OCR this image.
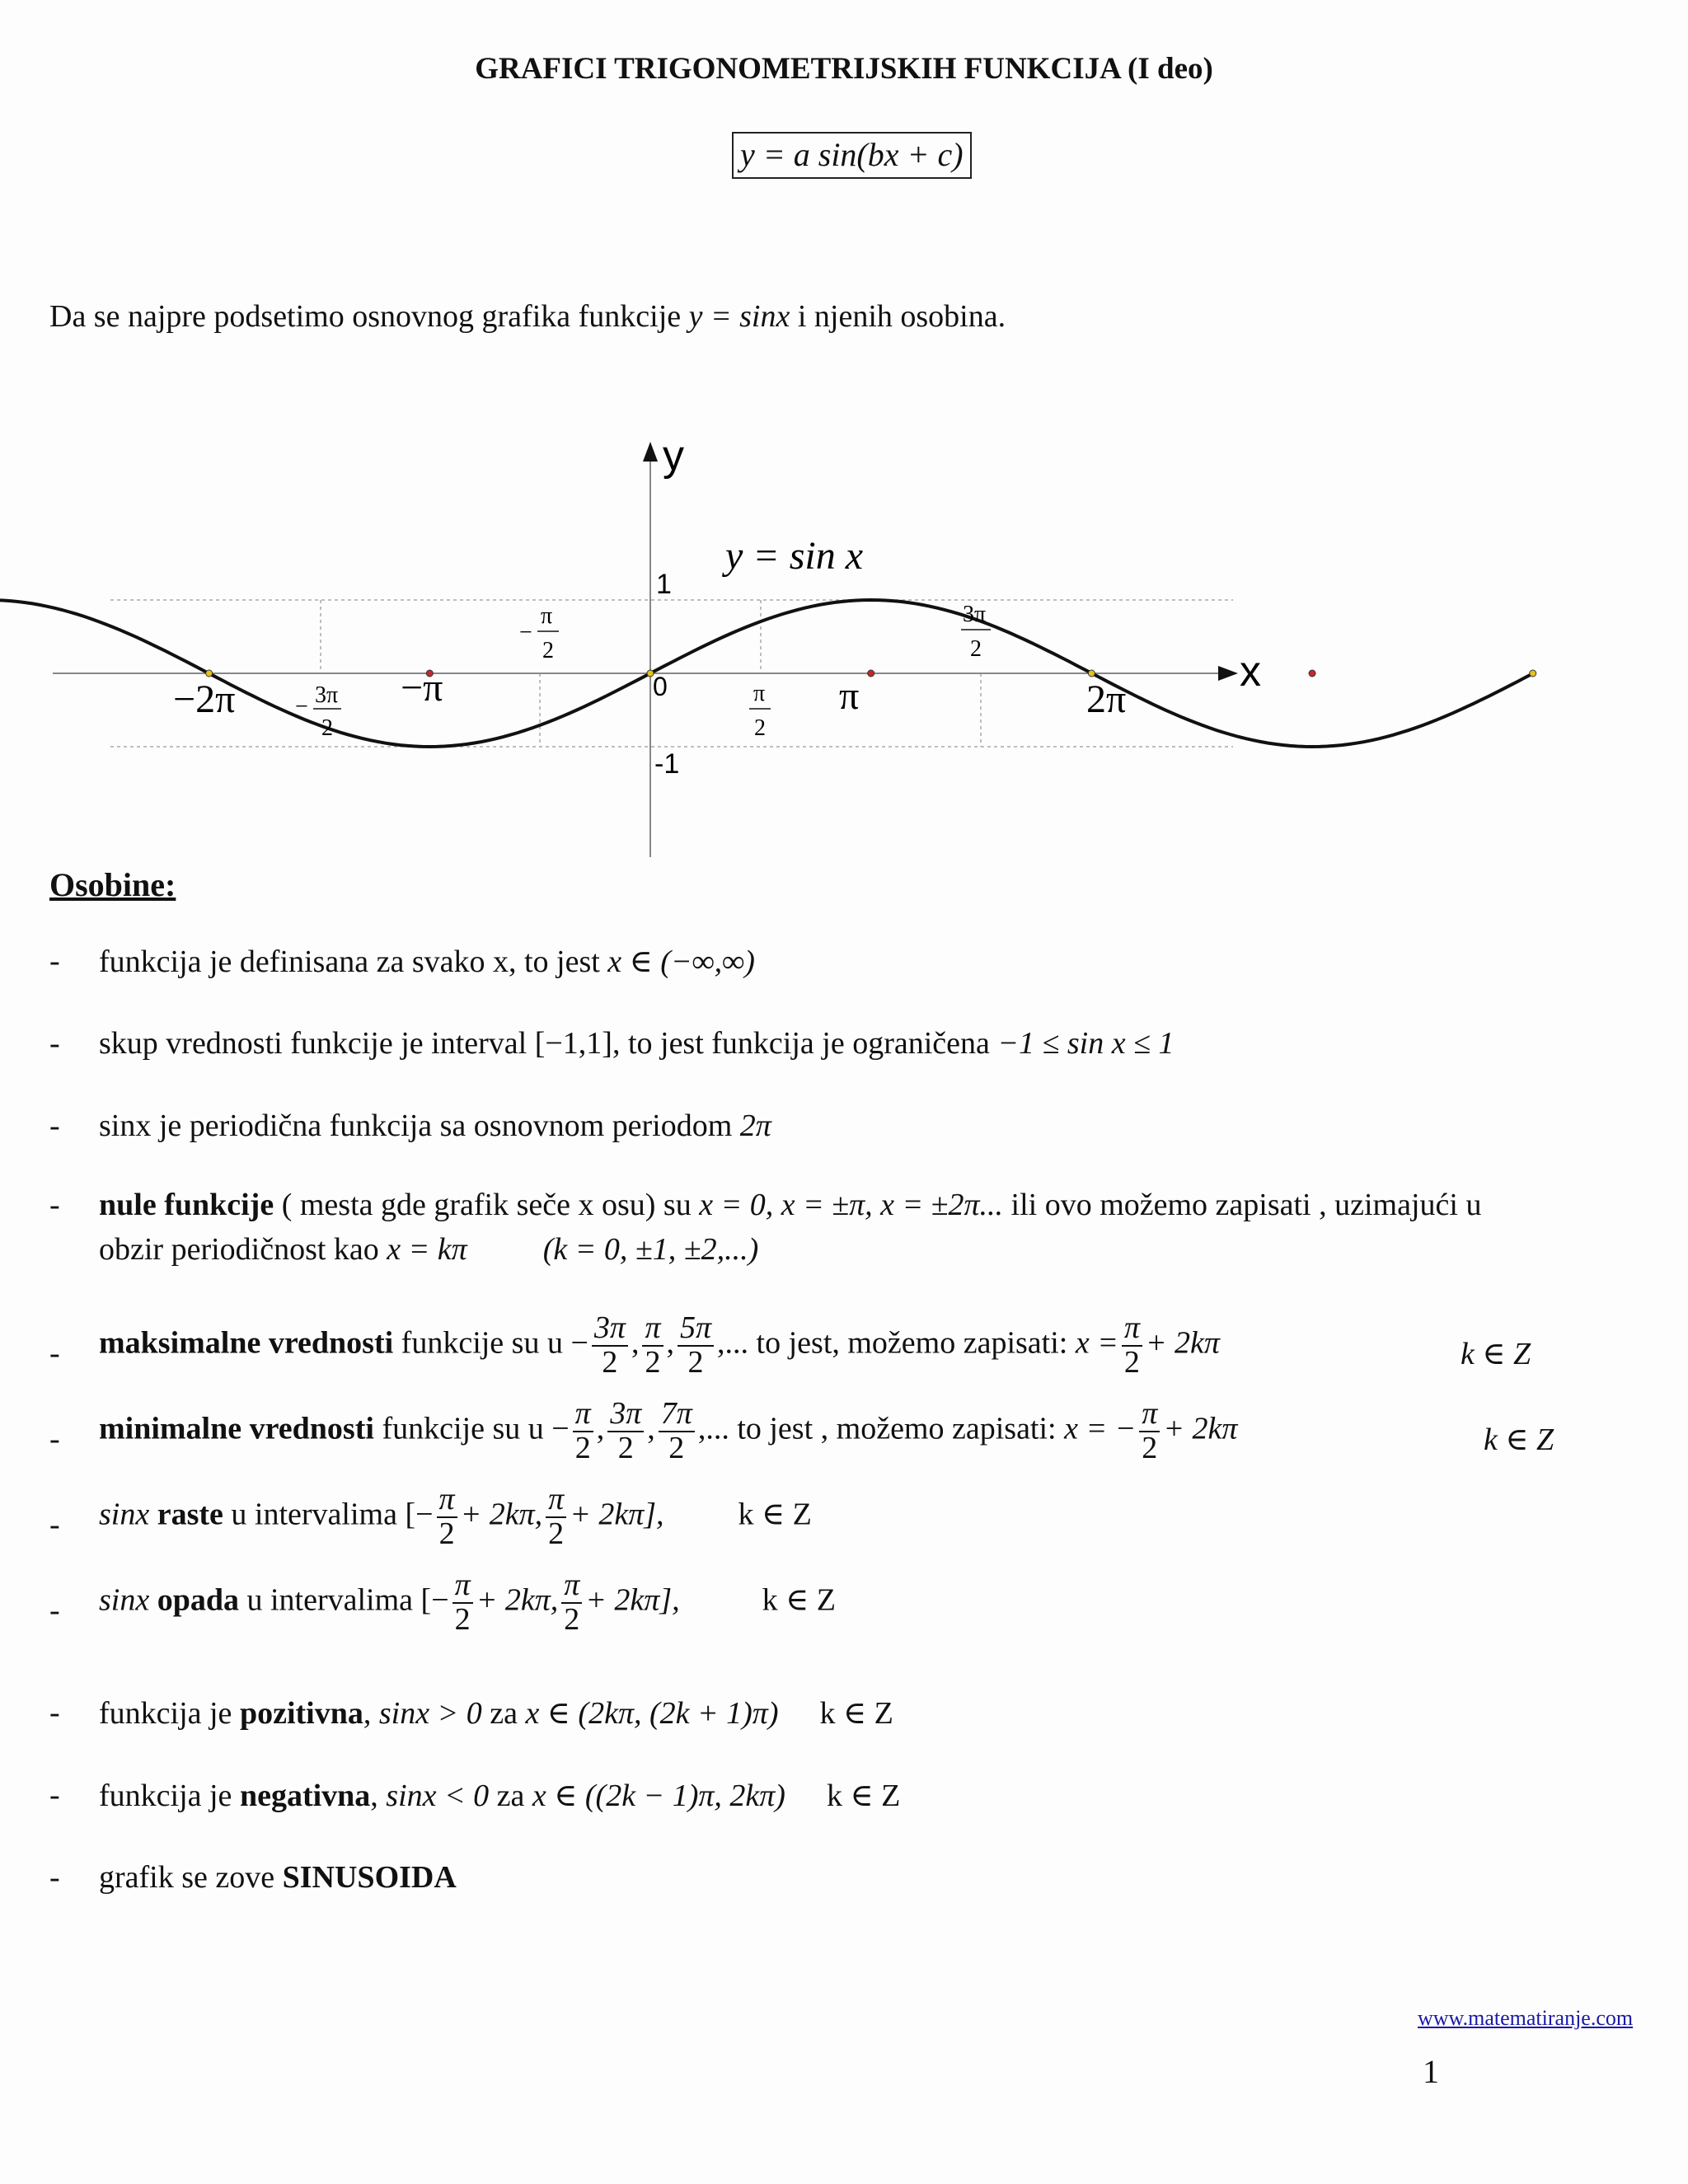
GRAFICI TRIGONOMETRIJSKIH FUNKCIJA (I deo)
y = a sin(bx + c)
Da se najpre podsetimo osnovnog grafika funkcije y = sinx i njenih osobina.
y
x
y = sin x
1
-1
0
−2π	−π	π	2π
− 3π
2
−
π
2
π
2
3π
2
Osobine:
- funkcija je definisana za svako x, to jest x ∈ (−∞,∞)
- skup vrednosti funkcije je interval [−1,1], to jest funkcija je ograničena −1 ≤ sin x ≤ 1
- sinx je periodična funkcija sa osnovnom periodom 2π
- nule funkcije ( mesta gde grafik seče x osu) su x = 0, x = ±π, x = ±2π... ili ovo možemo zapisati , uzimajući u
obzir periodičnost kao x = kπ (k = 0, ±1, ±2,...)
- maksimalne vrednosti funkcije su $u - \frac{3\pi}{2}$ , $\frac{\pi}{2}$ , $\frac{5\pi}{2}$ ,... to jest, možemo zapisati: $x = \frac{\pi}{2} + 2k\pi$	k ∈ Z
- minimalne vrednosti funkcije su $u - \frac{\pi}{2}$ , $\frac{3\pi}{2}$ , $\frac{7\pi}{2}$ ,... to jest , možemo zapisati: x = − $\frac{\pi}{2} + 2k\pi$	k ∈ Z
- sinx raste u intervalima [− $\frac{\pi}{2} + 2k\pi$, $\frac{\pi}{2} + 2k\pi$], k ∈ Z
- sinx opada u intervalima [− $\frac{\pi}{2} + 2k\pi$, $\frac{\pi}{2} + 2k\pi$],	k ∈ Z
- funkcija je pozitivna, sinx > 0 za x ∈ (2kπ, (2k + 1)π) k ∈ Z
- funkcija je negativna, sinx < 0 za x ∈ ((2k − 1)π, 2kπ) k ∈ Z
- grafik se zove SINUSOIDA
www.matematiranje.com
1
